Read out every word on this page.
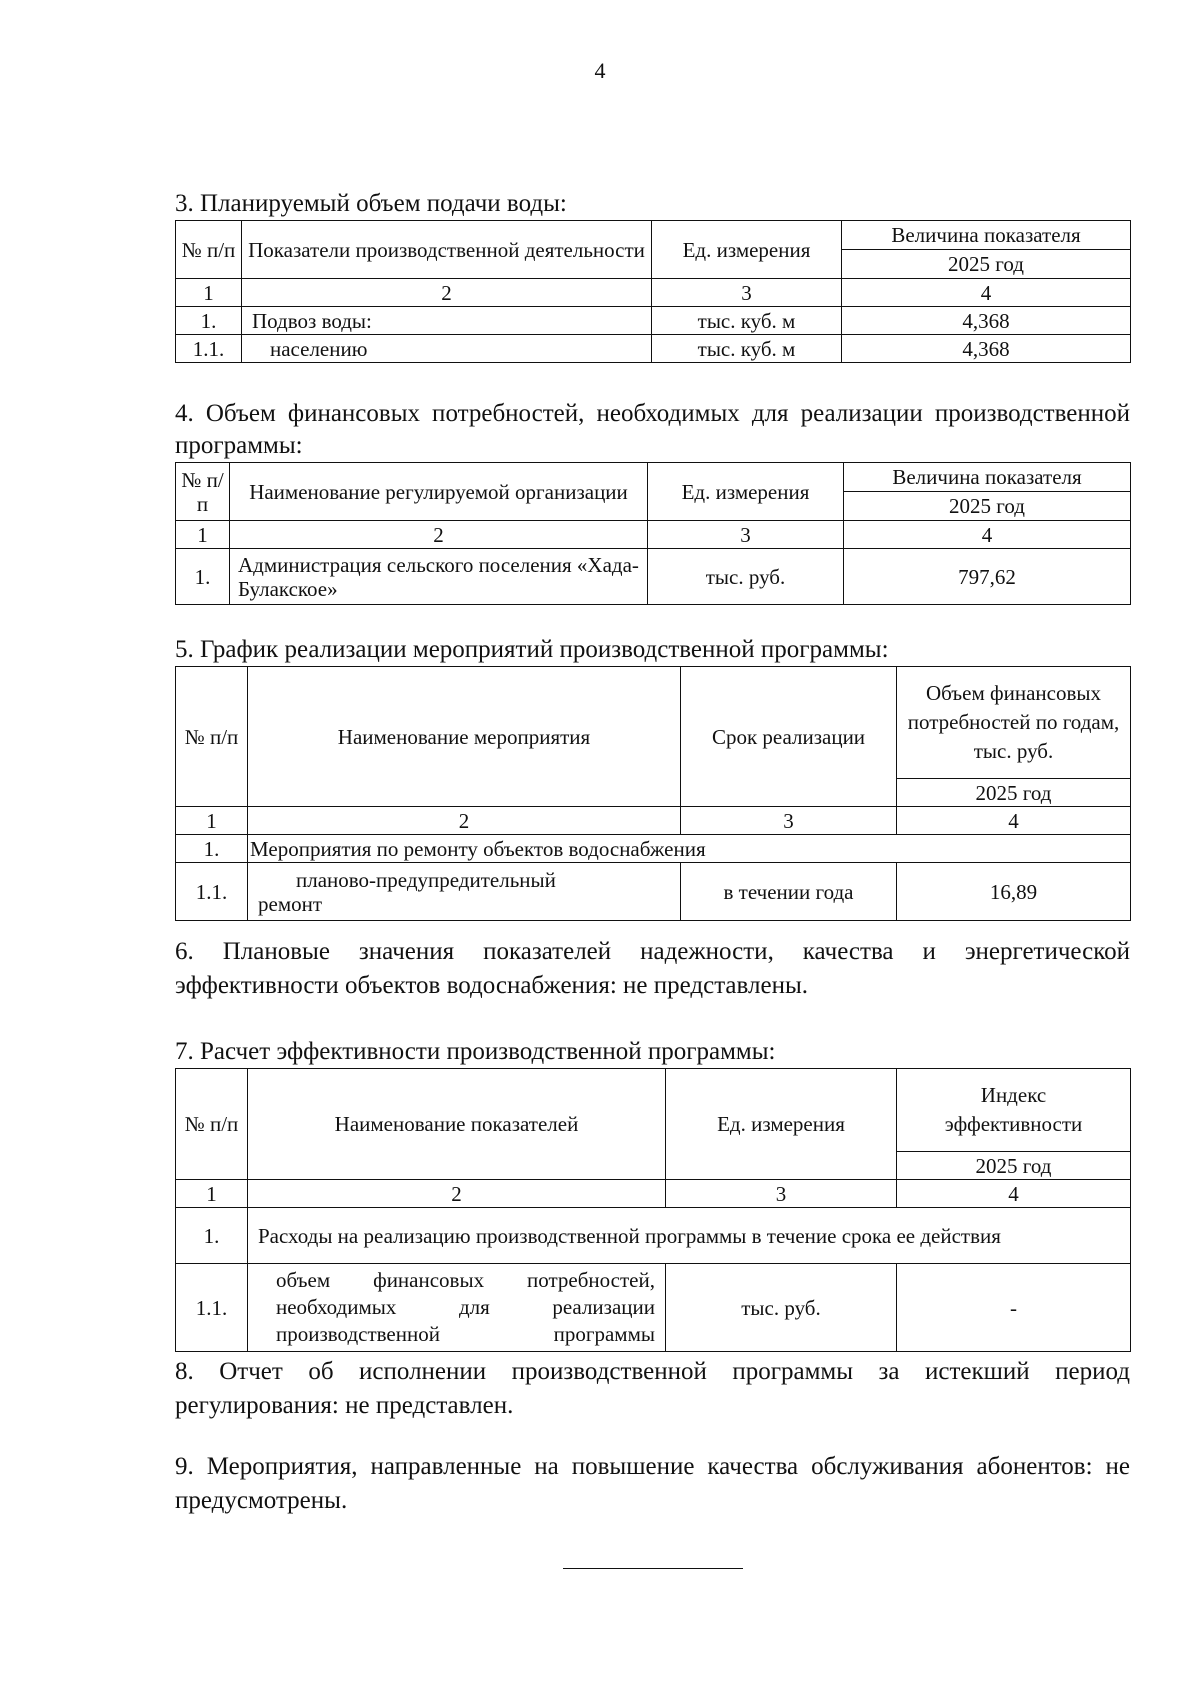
4

3. Планируемый объем подачи воды:

№ п/п	Показатели производственной деятельности	Ед. измерения	Величина показателя
			2025 год
1	2	3	4
1.	Подвоз воды:	тыс. куб. м	4,368
1.1.	населению	тыс. куб. м	4,368

4. Объем финансовых потребностей, необходимых для реализации производственной программы:

№ п/п	Наименование регулируемой организации	Ед. измерения	Величина показателя
			2025 год
1	2	3	4
1.	Администрация сельского поселения «Хада-Булакское»	тыс. руб.	797,62

5. График реализации мероприятий производственной программы:

№ п/п	Наименование мероприятия	Срок реализации	Объем финансовых потребностей по годам, тыс. руб.
			2025 год
1	2	3	4
1.	Мероприятия по ремонту объектов водоснабжения		
1.1.	планово-предупредительный ремонт	в течении года	16,89

6. Плановые значения показателей надежности, качества и энергетической эффективности объектов водоснабжения: не представлены.

7. Расчет эффективности производственной программы:

№ п/п	Наименование показателей	Ед. измерения	Индекс эффективности

			2025 год
1	2	3	4
1.	Расходы на реализацию производственной программы в течение срока ее действия		

1.1.	объем финансовых потребностей, необходимых для реализации производственной программы	тыс. руб.	-

8. Отчет об исполнении производственной программы за истекший период регулирования: не представлен.

9. Мероприятия, направленные на повышение качества обслуживания абонентов: не предусмотрены.
